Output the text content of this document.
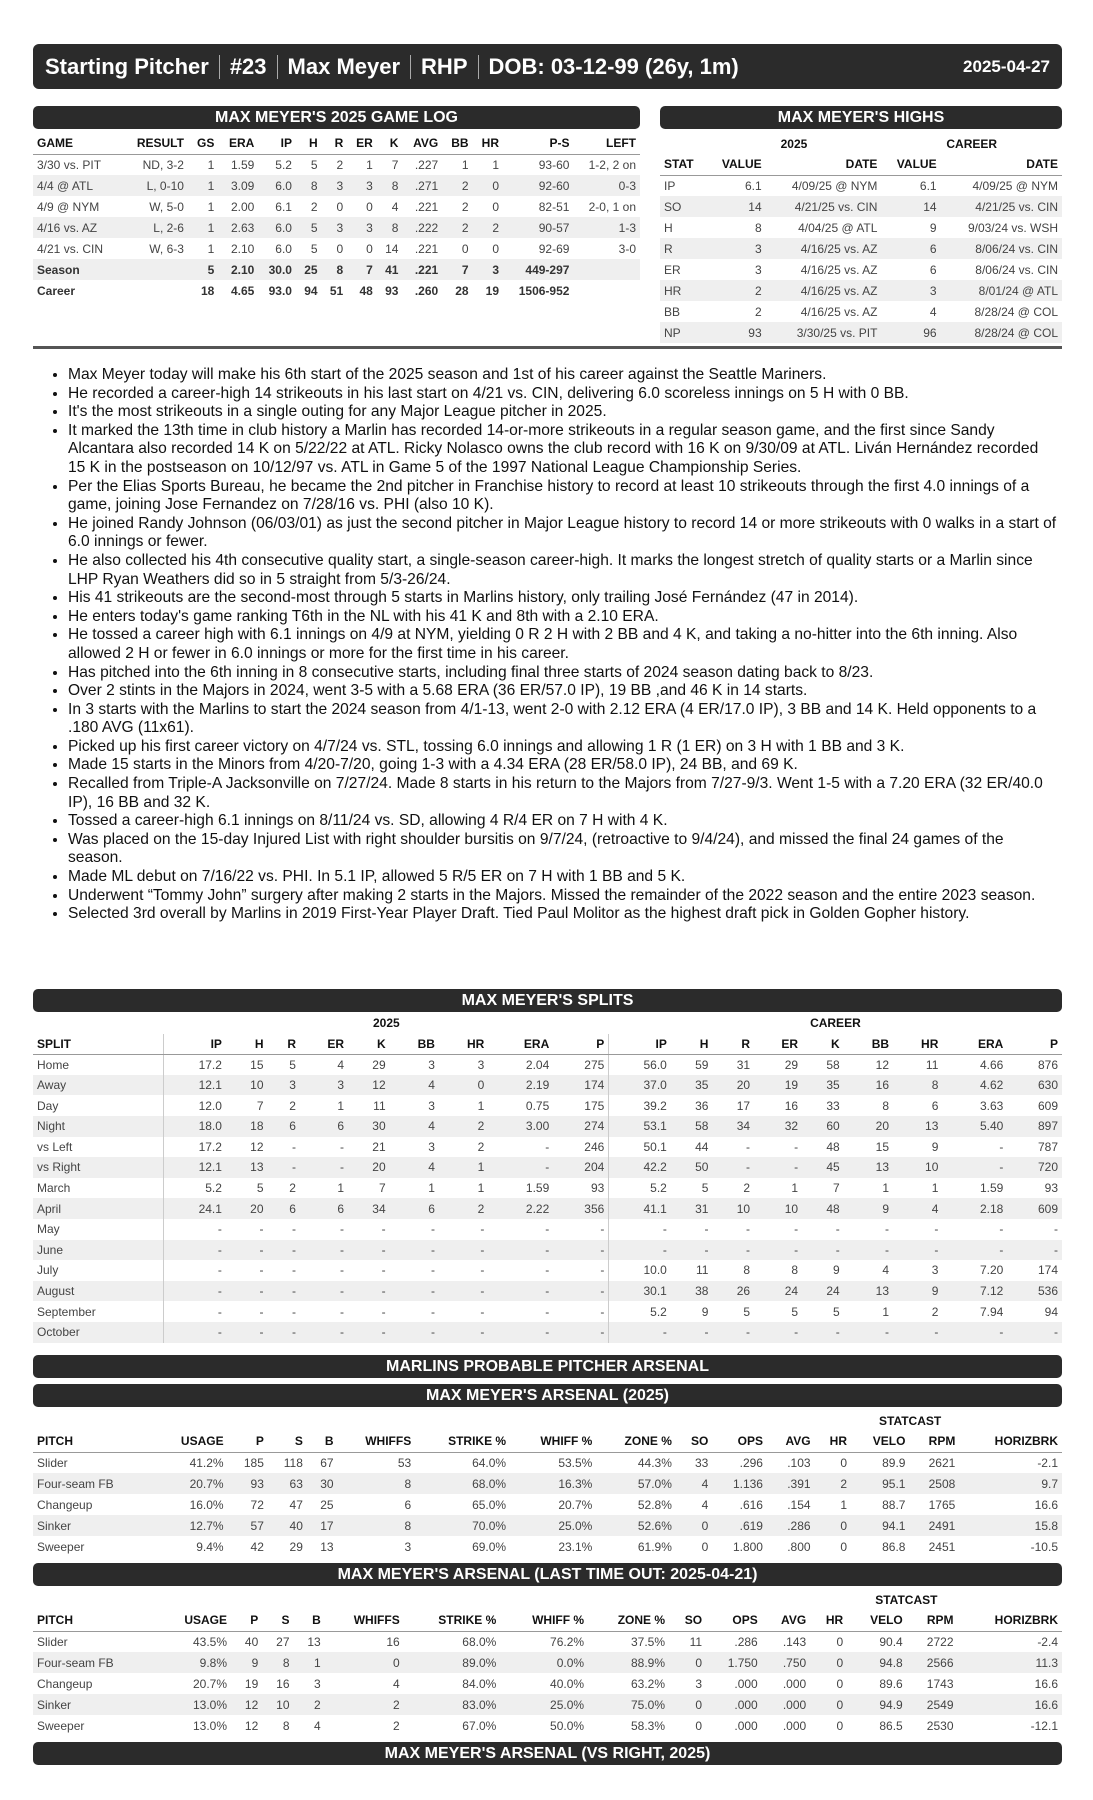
Starting Pitcher #23 Max Meyer RHP DOB: 03-12-99 (26y, 1m)	2025-04-27
MAX MEYER'S 2025 GAME LOG
GAME	RESULT	GS	ERA	IP	H	R	ER	K	AVG	BB	HR	P-S	LEFT
3/30 vs. PIT	ND, 3-2	1	1.59	5.2	5	2	1	7	.227	1	1	93-60	1-2, 2 on
4/4 @ ATL	L, 0-10	1	3.09	6.0	8	3	3	8	.271	2	0	92-60	0-3
4/9 @ NYM	W, 5-0	1	2.00	6.1	2	0	0	4	.221	2	0	82-51	2-0, 1 on
4/16 vs. AZ	L, 2-6	1	2.63	6.0	5	3	3	8	.222	2	2	90-57	1-3
4/21 vs. CIN	W, 6-3	1	2.10	6.0	5	0	0	14	.221	0	0	92-69	3-0
Season		5	2.10	30.0	25	8	7	41	.221	7	3	449-297	
Career		18	4.65	93.0	94	51	48	93	.260	28	19	1506-952	
MAX MEYER'S HIGHS
	2025		CAREER	
STAT	VALUE	DATE	VALUE	DATE
IP	6.1	4/09/25 @ NYM	6.1	4/09/25 @ NYM
SO	14	4/21/25 vs. CIN	14	4/21/25 vs. CIN
H	8	4/04/25 @ ATL	9	9/03/24 vs. WSH
R	3	4/16/25 vs. AZ	6	8/06/24 vs. CIN
ER	3	4/16/25 vs. AZ	6	8/06/24 vs. CIN
HR	2	4/16/25 vs. AZ	3	8/01/24 @ ATL
BB	2	4/16/25 vs. AZ	4	8/28/24 @ COL
NP	93	3/30/25 vs. PIT	96	8/28/24 @ COL
• Max Meyer today will make his 6th start of the 2025 season and 1st of his career against the Seattle Mariners.
• He recorded a career-high 14 strikeouts in his last start on 4/21 vs. CIN, delivering 6.0 scoreless innings on 5 H with 0 BB.
• It's the most strikeouts in a single outing for any Major League pitcher in 2025.
• It marked the 13th time in club history a Marlin has recorded 14-or-more strikeouts in a regular season game, and the first since Sandy Alcantara also recorded 14 K on 5/22/22 at ATL. Ricky Nolasco owns the club record with 16 K on 9/30/09 at ATL. Liván Hernández recorded 15 K in the postseason on 10/12/97 vs. ATL in Game 5 of the 1997 National League Championship Series.
• Per the Elias Sports Bureau, he became the 2nd pitcher in Franchise history to record at least 10 strikeouts through the first 4.0 innings of a game, joining Jose Fernandez on 7/28/16 vs. PHI (also 10 K).
• He joined Randy Johnson (06/03/01) as just the second pitcher in Major League history to record 14 or more strikeouts with 0 walks in a start of 6.0 innings or fewer.
• He also collected his 4th consecutive quality start, a single-season career-high. It marks the longest stretch of quality starts or a Marlin since LHP Ryan Weathers did so in 5 straight from 5/3-26/24.
• His 41 strikeouts are the second-most through 5 starts in Marlins history, only trailing José Fernández (47 in 2014).
• He enters today's game ranking T6th in the NL with his 41 K and 8th with a 2.10 ERA.
• He tossed a career high with 6.1 innings on 4/9 at NYM, yielding 0 R 2 H with 2 BB and 4 K, and taking a no-hitter into the 6th inning. Also allowed 2 H or fewer in 6.0 innings or more for the first time in his career.
• Has pitched into the 6th inning in 8 consecutive starts, including final three starts of 2024 season dating back to 8/23.
• Over 2 stints in the Majors in 2024, went 3-5 with a 5.68 ERA (36 ER/57.0 IP), 19 BB ,and 46 K in 14 starts.
• In 3 starts with the Marlins to start the 2024 season from 4/1-13, went 2-0 with 2.12 ERA (4 ER/17.0 IP), 3 BB and 14 K. Held opponents to a .180 AVG (11x61).
• Picked up his first career victory on 4/7/24 vs. STL, tossing 6.0 innings and allowing 1 R (1 ER) on 3 H with 1 BB and 3 K.
• Made 15 starts in the Minors from 4/20-7/20, going 1-3 with a 4.34 ERA (28 ER/58.0 IP), 24 BB, and 69 K.
• Recalled from Triple-A Jacksonville on 7/27/24. Made 8 starts in his return to the Majors from 7/27-9/3. Went 1-5 with a 7.20 ERA (32 ER/40.0 IP), 16 BB and 32 K.
• Tossed a career-high 6.1 innings on 8/11/24 vs. SD, allowing 4 R/4 ER on 7 H with 4 K.
• Was placed on the 15-day Injured List with right shoulder bursitis on 9/7/24, (retroactive to 9/4/24), and missed the final 24 games of the season.
• Made ML debut on 7/16/22 vs. PHI. In 5.1 IP, allowed 5 R/5 ER on 7 H with 1 BB and 5 K.
• Underwent “Tommy John” surgery after making 2 starts in the Majors. Missed the remainder of the 2022 season and the entire 2023 season.
• Selected 3rd overall by Marlins in 2019 First-Year Player Draft. Tied Paul Molitor as the highest draft pick in Golden Gopher history.
MAX MEYER'S SPLITS
	2025									CAREER								
SPLIT	IP	H	R	ER	K	BB	HR	ERA	P	IP	H	R	ER	K	BB	HR	ERA	P
Home	17.2	15	5	4	29	3	3	2.04	275	56.0	59	31	29	58	12	11	4.66	876
Away	12.1	10	3	3	12	4	0	2.19	174	37.0	35	20	19	35	16	8	4.62	630
Day	12.0	7	2	1	11	3	1	0.75	175	39.2	36	17	16	33	8	6	3.63	609
Night	18.0	18	6	6	30	4	2	3.00	274	53.1	58	34	32	60	20	13	5.40	897
vs Left	17.2	12	-	-	21	3	2	-	246	50.1	44	-	-	48	15	9	-	787
vs Right	12.1	13	-	-	20	4	1	-	204	42.2	50	-	-	45	13	10	-	720
March	5.2	5	2	1	7	1	1	1.59	93	5.2	5	2	1	7	1	1	1.59	93
April	24.1	20	6	6	34	6	2	2.22	356	41.1	31	10	10	48	9	4	2.18	609
May	-	-	-	-	-	-	-	-	-	-	-	-	-	-	-	-	-	-
June	-	-	-	-	-	-	-	-	-	-	-	-	-	-	-	-	-	-
July	-	-	-	-	-	-	-	-	-	10.0	11	8	8	9	4	3	7.20	174
August	-	-	-	-	-	-	-	-	-	30.1	38	26	24	24	13	9	7.12	536
September	-	-	-	-	-	-	-	-	-	5.2	9	5	5	5	1	2	7.94	94
October	-	-	-	-	-	-	-	-	-	-	-	-	-	-	-	-	-	-
MARLINS PROBABLE PITCHER ARSENAL
MAX MEYER'S ARSENAL (2025)
													STATCAST		
PITCH	USAGE	P	S	B	WHIFFS	STRIKE %	WHIFF %	ZONE %	SO	OPS	AVG	HR	VELO	RPM	HORIZBRK
Slider	41.2%	185	118	67	53	64.0%	53.5%	44.3%	33	.296	.103	0	89.9	2621	-2.1
Four-seam FB	20.7%	93	63	30	8	68.0%	16.3%	57.0%	4	1.136	.391	2	95.1	2508	9.7
Changeup	16.0%	72	47	25	6	65.0%	20.7%	52.8%	4	.616	.154	1	88.7	1765	16.6
Sinker	12.7%	57	40	17	8	70.0%	25.0%	52.6%	0	.619	.286	0	94.1	2491	15.8
Sweeper	9.4%	42	29	13	3	69.0%	23.1%	61.9%	0	1.800	.800	0	86.8	2451	-10.5
MAX MEYER'S ARSENAL (LAST TIME OUT: 2025-04-21)
													STATCAST		
PITCH	USAGE	P	S	B	WHIFFS	STRIKE %	WHIFF %	ZONE %	SO	OPS	AVG	HR	VELO	RPM	HORIZBRK
Slider	43.5%	40	27	13	16	68.0%	76.2%	37.5%	11	.286	.143	0	90.4	2722	-2.4
Four-seam FB	9.8%	9	8	1	0	89.0%	0.0%	88.9%	0	1.750	.750	0	94.8	2566	11.3
Changeup	20.7%	19	16	3	4	84.0%	40.0%	63.2%	3	.000	.000	0	89.6	1743	16.6
Sinker	13.0%	12	10	2	2	83.0%	25.0%	75.0%	0	.000	.000	0	94.9	2549	16.6
Sweeper	13.0%	12	8	4	2	67.0%	50.0%	58.3%	0	.000	.000	0	86.5	2530	-12.1
MAX MEYER'S ARSENAL (VS RIGHT, 2025)
